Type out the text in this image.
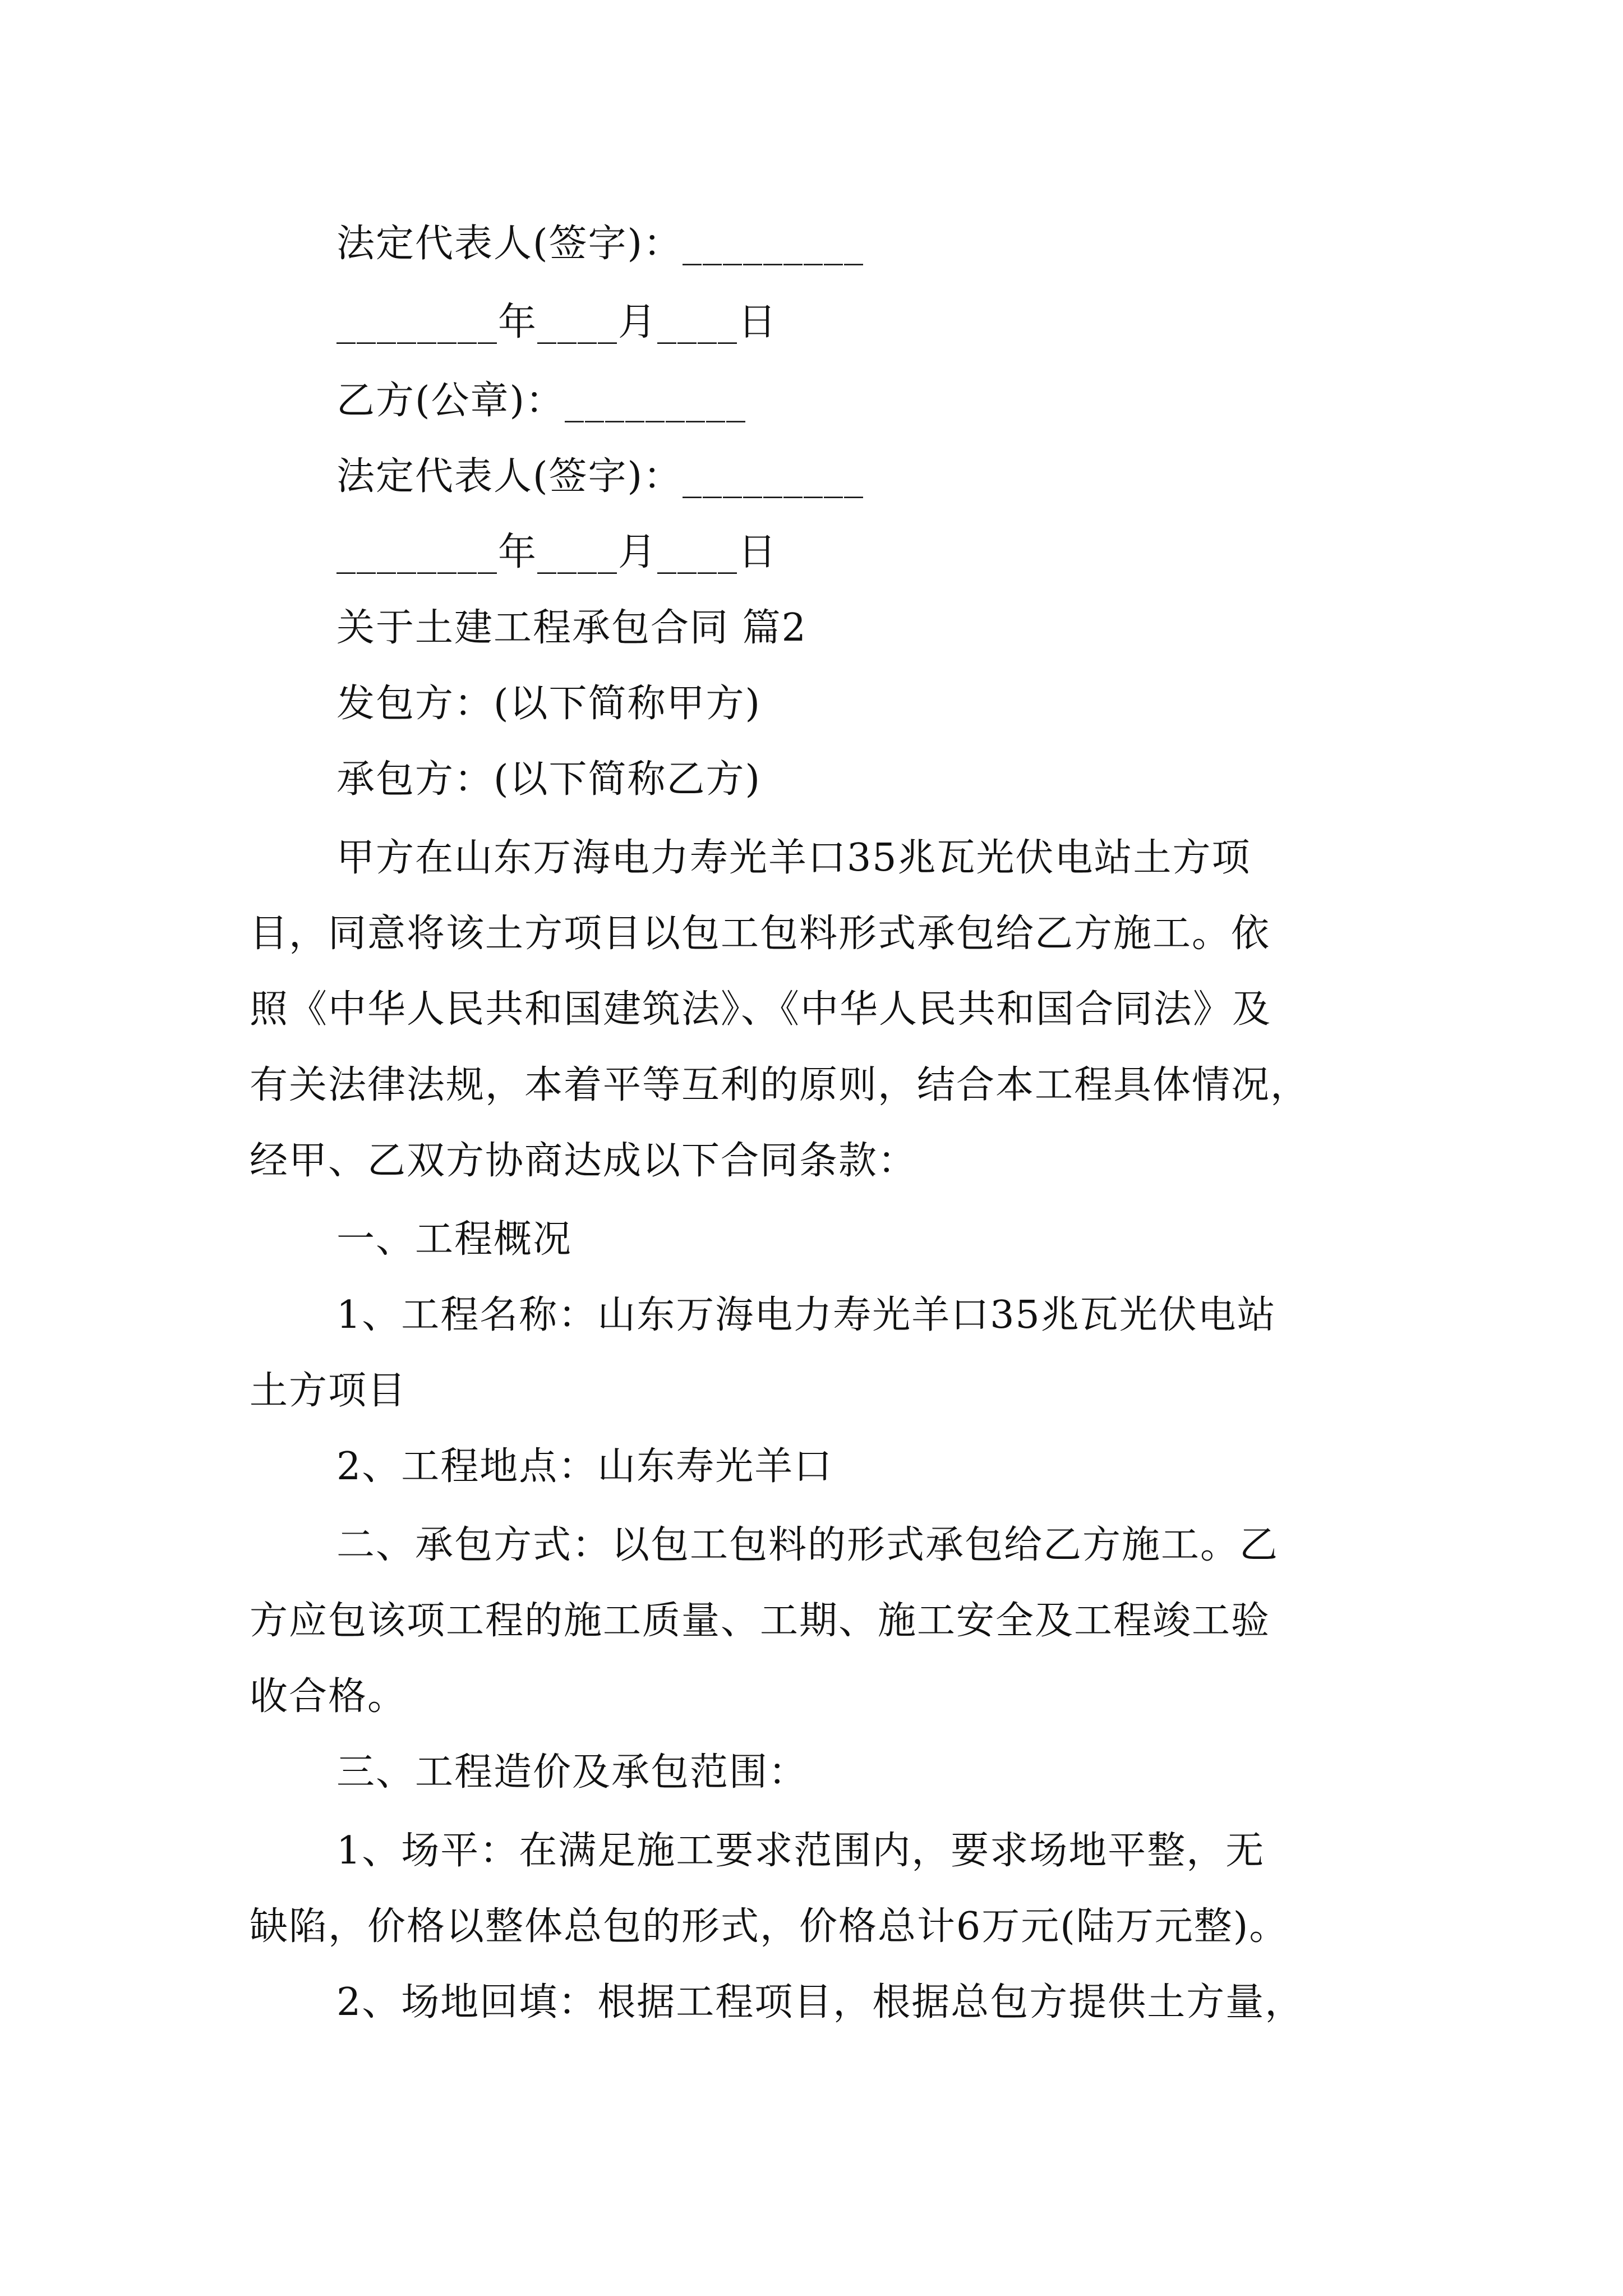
法定代表人(签字)：_________
________年____月____日
乙方(公章)：_________
法定代表人(签字)：_________
________年____月____日
关于土建工程承包合同 篇2
发包方：(以下简称甲方)
承包方：(以下简称乙方)
甲方在山东万海电力寿光羊口35兆瓦光伏电站土方项
目，同意将该土方项目以包工包料形式承包给乙方施工。依
照《中华人民共和国建筑法》、《中华人民共和国合同法》及
有关法律法规，本着平等互利的原则，结合本工程具体情况，
经甲、乙双方协商达成以下合同条款：
一、工程概况
1、工程名称：山东万海电力寿光羊口35兆瓦光伏电站
土方项目
2、工程地点：山东寿光羊口
二、承包方式：以包工包料的形式承包给乙方施工。乙
方应包该项工程的施工质量、工期、施工安全及工程竣工验
收合格。
三、工程造价及承包范围：
1、场平：在满足施工要求范围内，要求场地平整，无
缺陷，价格以整体总包的形式，价格总计6万元(陆万元整)。
2、场地回填：根据工程项目，根据总包方提供土方量，
